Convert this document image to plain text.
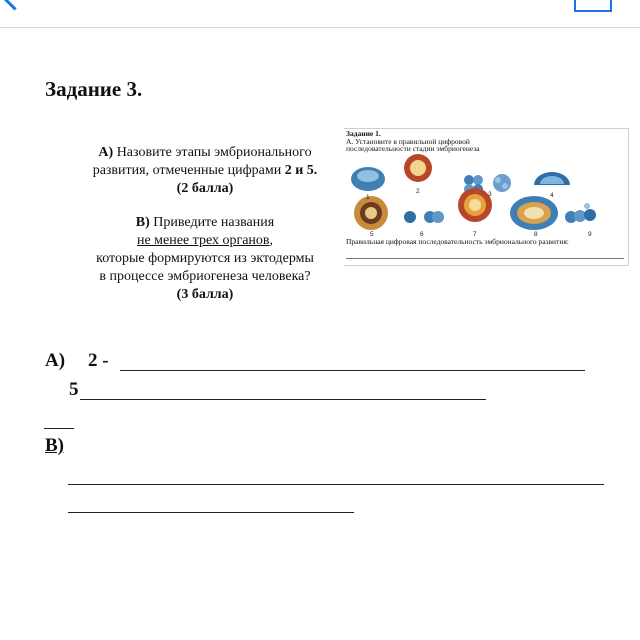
Задание 3.

А) Назовите этапы эмбрионального

развития, отмеченные цифрами 2 и 5.

(2 балла)

В) Приведите названия

не менее трех органов,

которые формируются из эктодермы

в процессе эмбриогенеза человека?

(3 балла)

Задание 1.
А. Установите в правильной цифровой
последовательности стадии эмбриогенеза
1
2	3	4
5	6	7	8	9
Правильная цифровая последовательность эмбрионального развития:
А) 2 -
5
В)
